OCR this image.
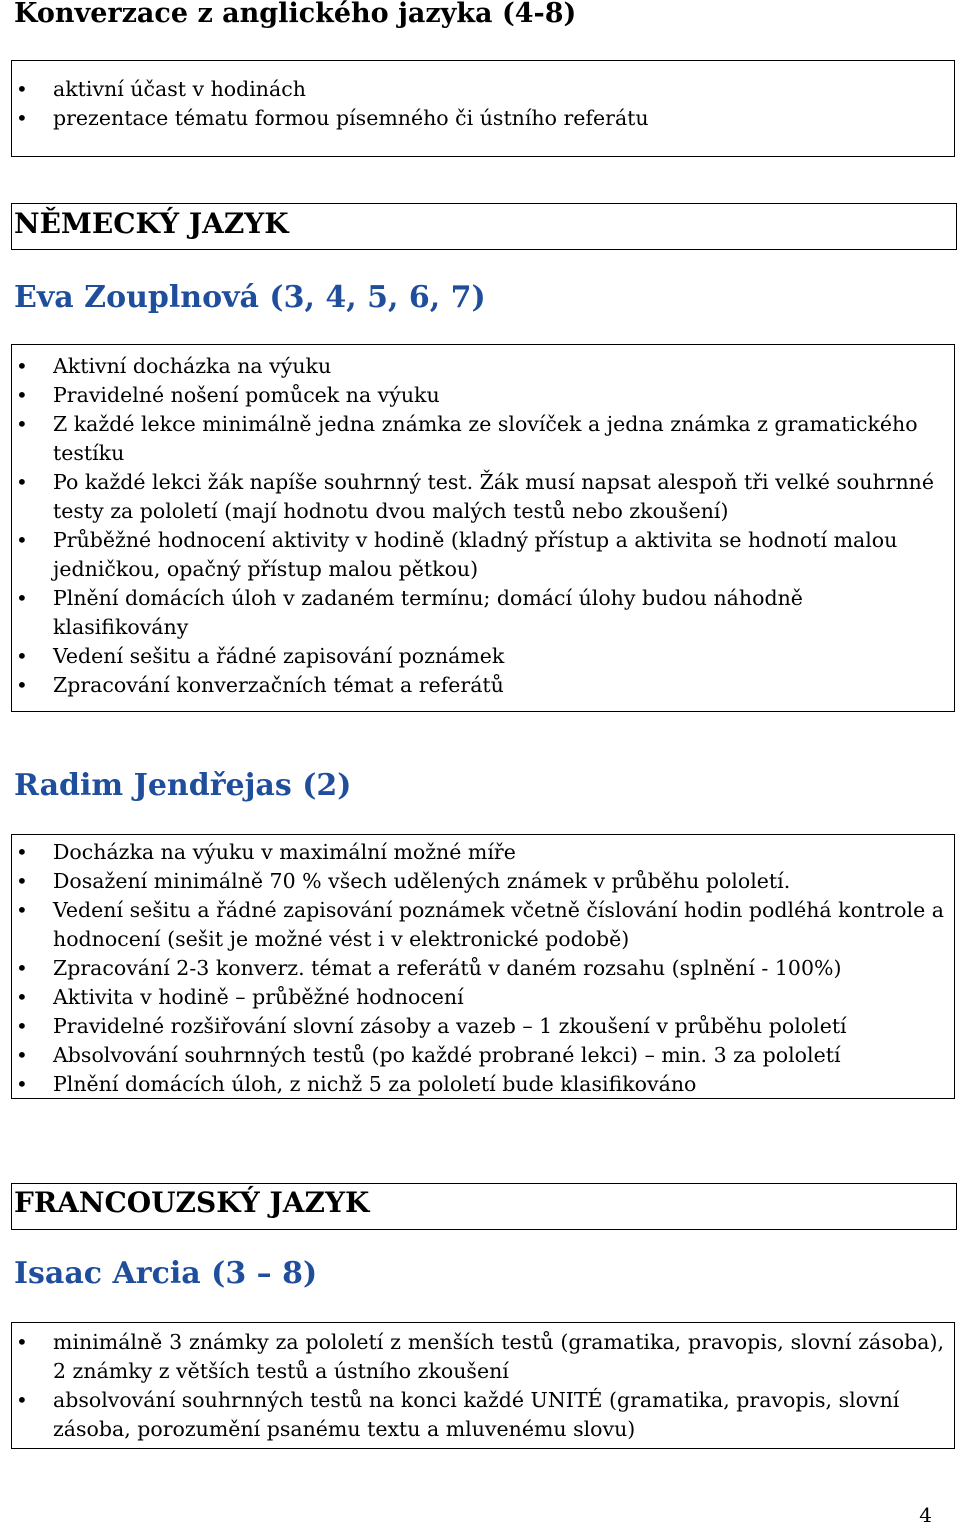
Konverzace z anglického jazyka (4-8)
• aktivní účast v hodinách
• prezentace tématu formou písemného či ústního referátu
NĚMECKÝ JAZYK
Eva Zouplnová (3, 4, 5, 6, 7)
• Aktivní docházka na výuku
• Pravidelné nošení pomůcek na výuku
• Z každé lekce minimálně jedna známka ze slovíček a jedna známka z gramatického testíku
• Po každé lekci žák napíše souhrnný test. Žák musí napsat alespoň tři velké souhrnné testy za pololetí (mají hodnotu dvou malých testů nebo zkoušení)
• Průběžné hodnocení aktivity v hodině (kladný přístup a aktivita se hodnotí malou jedničkou, opačný přístup malou pětkou)
• Plnění domácích úloh v zadaném termínu; domácí úlohy budou náhodně klasifikovány
• Vedení sešitu a řádné zapisování poznámek
• Zpracování konverzačních témat a referátů
Radim Jendřejas (2)
• Docházka na výuku v maximální možné míře
• Dosažení minimálně 70 % všech udělených známek v průběhu pololetí.
• Vedení sešitu a řádné zapisování poznámek včetně číslování hodin podléhá kontrole a hodnocení (sešit je možné vést i v elektronické podobě)
• Zpracování 2-3 konverz. témat a referátů v daném rozsahu (splnění - 100%)
• Aktivita v hodině – průběžné hodnocení
• Pravidelné rozšiřování slovní zásoby a vazeb – 1 zkoušení v průběhu pololetí
• Absolvování souhrnných testů (po každé probrané lekci) – min. 3 za pololetí
• Plnění domácích úloh, z nichž 5 za pololetí bude klasifikováno
FRANCOUZSKÝ JAZYK
Isaac Arcia (3 – 8)
• minimálně 3 známky za pololetí z menších testů (gramatika, pravopis, slovní zásoba), 2 známky z větších testů a ústního zkoušení
• absolvování souhrnných testů na konci každé UNITÉ (gramatika, pravopis, slovní zásoba, porozumění psanému textu a mluvenému slovu)
4
